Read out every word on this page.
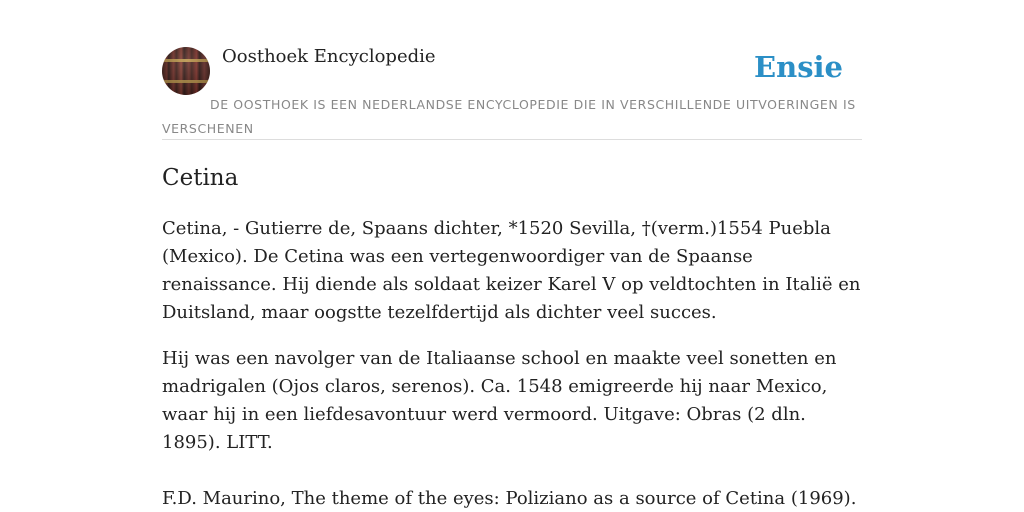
Oosthoek Encyclopedie	Ensie
DE OOSTHOEK IS EEN NEDERLANDSE ENCYCLOPEDIE DIE IN VERSCHILLENDE UITVOERINGEN IS VERSCHENEN
Cetina

Cetina, - Gutierre de, Spaans dichter, *1520 Sevilla, †(verm.)1554 Puebla (Mexico). De Cetina was een vertegenwoordiger van de Spaanse renaissance. Hij diende als soldaat keizer Karel V op veldtochten in Italië en Duitsland, maar oogstte tezelfdertijd als dichter veel succes.

Hij was een navolger van de Italiaanse school en maakte veel sonetten en madrigalen (Ojos claros, serenos). Ca. 1548 emigreerde hij naar Mexico, waar hij in een liefdesavontuur werd vermoord. Uitgave: Obras (2 dln. 1895). LITT.

F.D. Maurino, The theme of the eyes: Poliziano as a source of Cetina (1969).
